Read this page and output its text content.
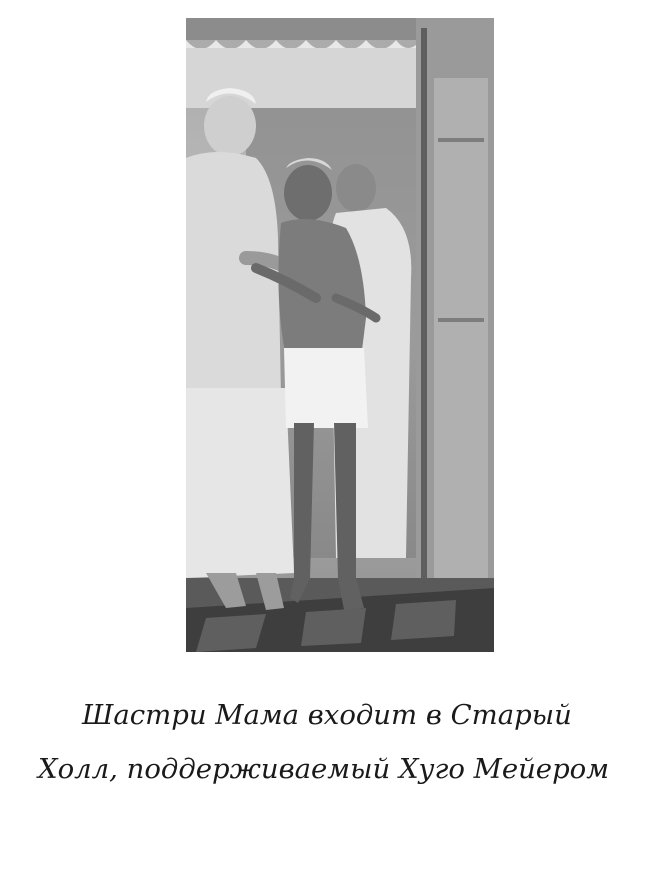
Шастри Мама входит в Старый Холл, поддерживаемый Хуго Мейером
